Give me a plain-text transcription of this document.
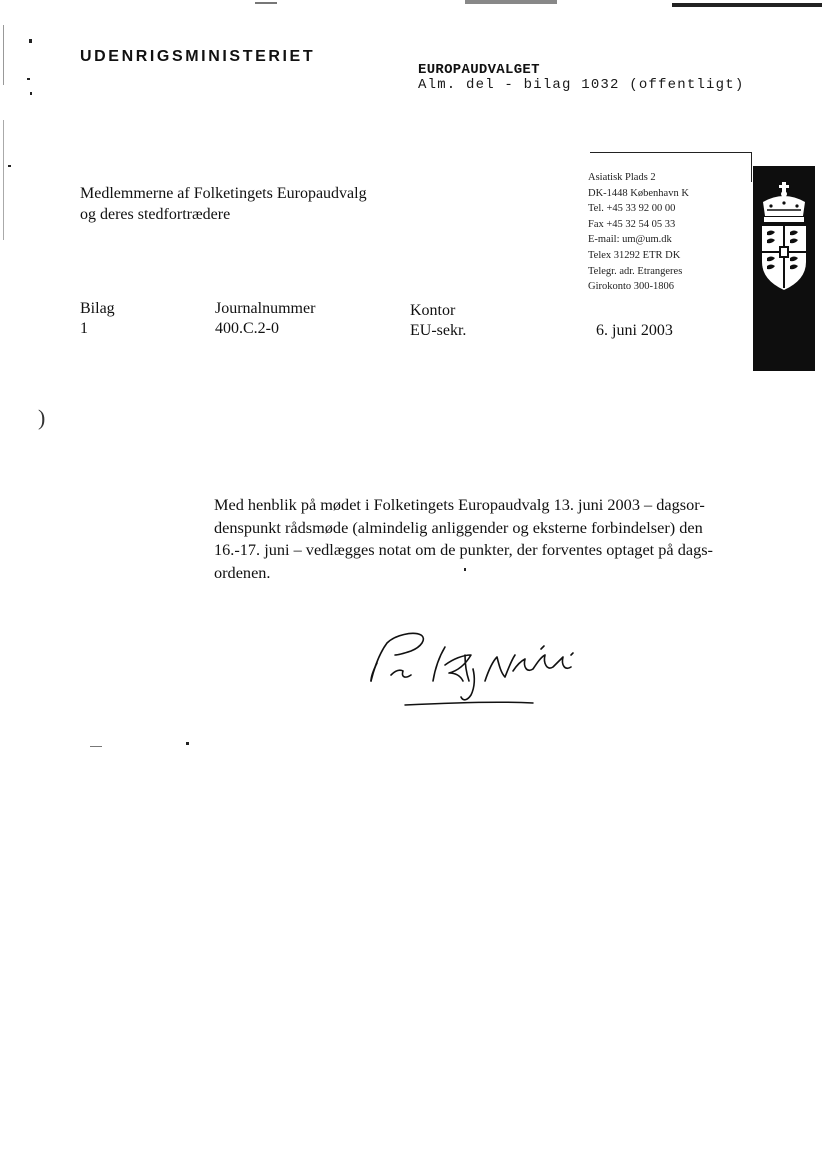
)
UDENRIGSMINISTERIET
EUROPAUDVALGET
Alm. del - bilag 1032 (offentligt)
Medlemmerne af Folketingets Europaudvalg
og deres stedfortrædere
Asiatisk Plads 2
DK-1448 København K
Tel. +45 33 92 00 00
Fax +45 32 54 05 33
E-mail: um@um.dk
Telex 31292 ETR DK
Telegr. adr. Etrangeres
Girokonto 300-1806
Bilag
1
Journalnummer
400.C.2-0
Kontor
EU-sekr.	6. juni 2003
Med henblik på mødet i Folketingets Europaudvalg 13. juni 2003 – dagsor-
denspunkt rådsmøde (almindelig anliggender og eksterne forbindelser) den
16.-17. juni – vedlægges notat om de punkter, der forventes optaget på dags-
ordenen.
